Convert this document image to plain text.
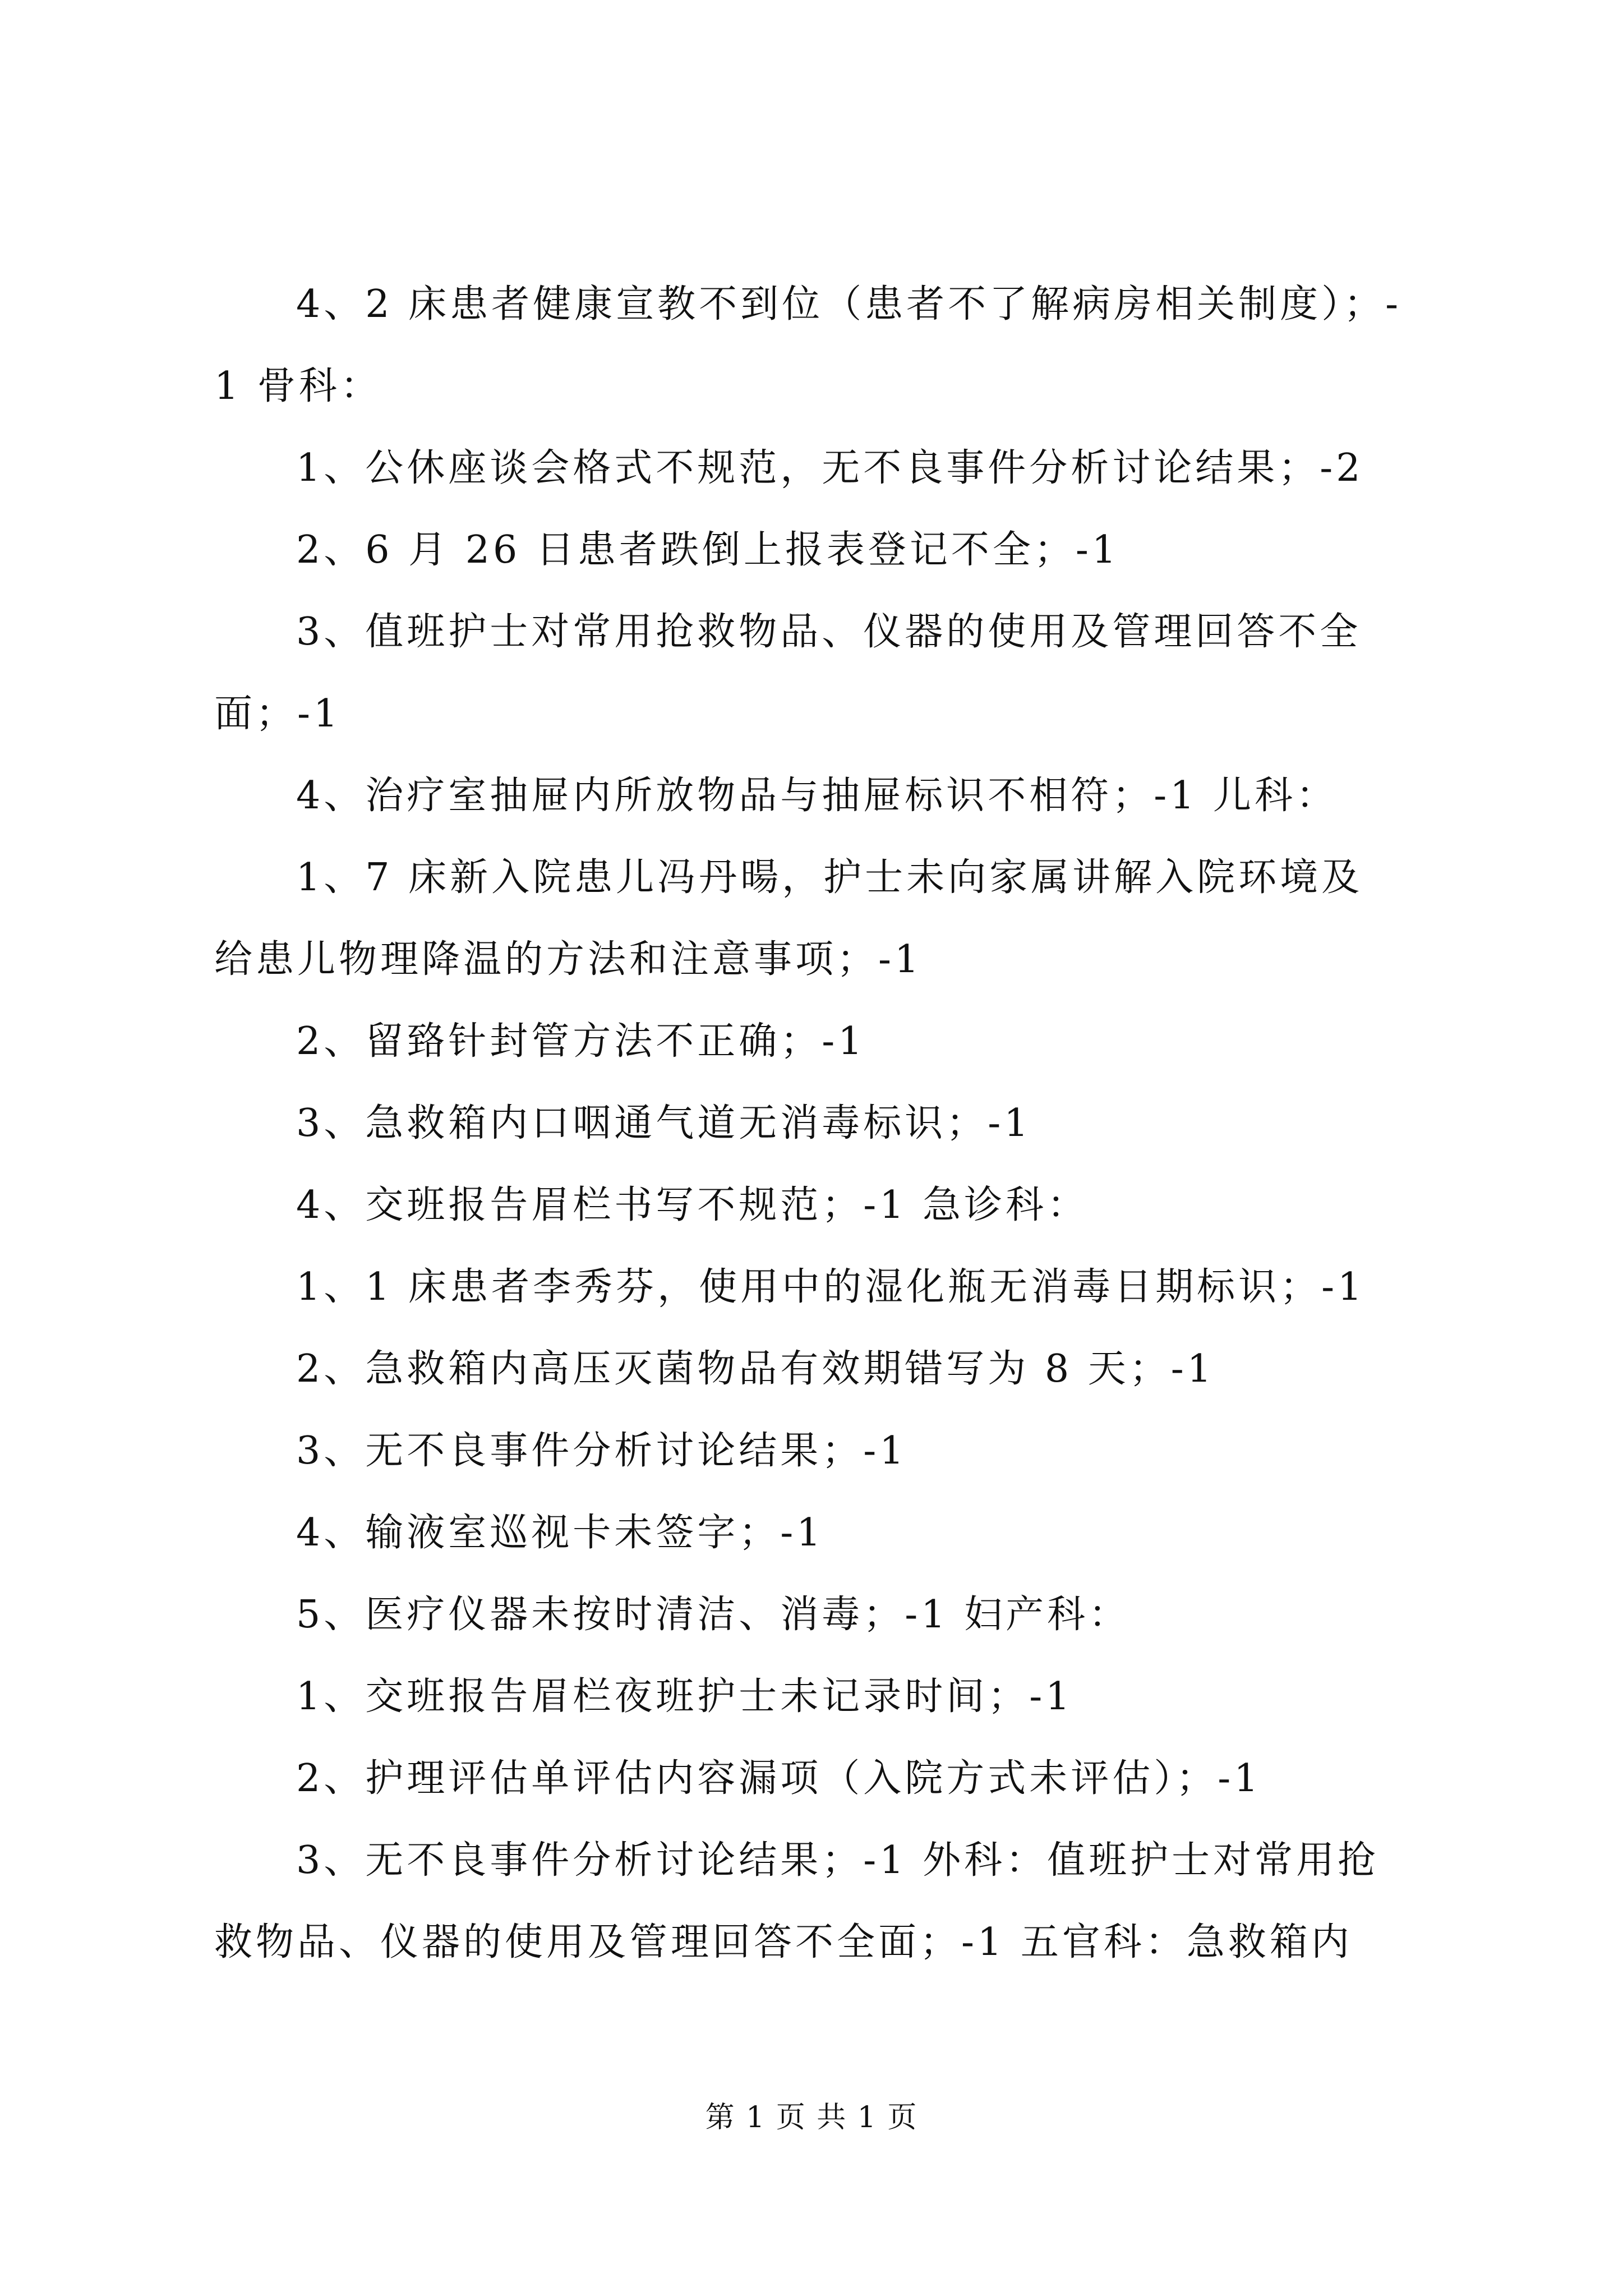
4、2 床患者健康宣教不到位（患者不了解病房相关制度）；-
1 骨科：
1、公休座谈会格式不规范，无不良事件分析讨论结果；-2
2、6 月 26 日患者跌倒上报表登记不全；-1
3、值班护士对常用抢救物品、仪器的使用及管理回答不全
面；-1
4、治疗室抽屉内所放物品与抽屉标识不相符；-1 儿科：
1、7 床新入院患儿冯丹暘，护士未向家属讲解入院环境及
给患儿物理降温的方法和注意事项；-1
2、留臵针封管方法不正确；-1
3、急救箱内口咽通气道无消毒标识；-1
4、交班报告眉栏书写不规范；-1 急诊科：
1、1 床患者李秀芬，使用中的湿化瓶无消毒日期标识；-1
2、急救箱内高压灭菌物品有效期错写为 8 天；-1
3、无不良事件分析讨论结果；-1
4、输液室巡视卡未签字；-1
5、医疗仪器未按时清洁、消毒；-1 妇产科：
1、交班报告眉栏夜班护士未记录时间；-1
2、护理评估单评估内容漏项（入院方式未评估）；-1
3、无不良事件分析讨论结果；-1 外科：值班护士对常用抢
救物品、仪器的使用及管理回答不全面；-1 五官科：急救箱内
第 1 页 共 1 页
